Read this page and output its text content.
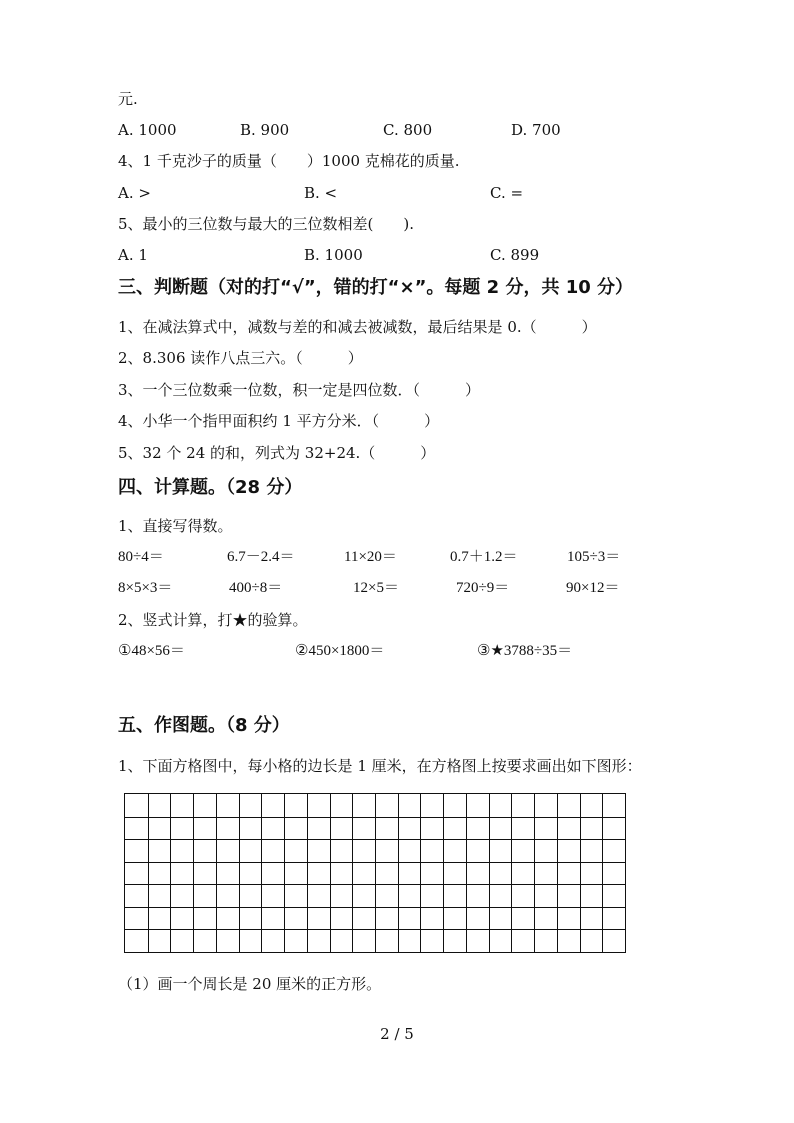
元.
A. 1000	B. 900	C. 800	D. 700
4、1 千克沙子的质量（　　）1000 克棉花的质量.
A. >	B. <	C. =
5、最小的三位数与最大的三位数相差(　　).
A. 1	B. 1000	C. 899
三、判断题（对的打“√”，错的打“×”。每题 2 分，共 10 分）
1、在减法算式中，减数与差的和减去被减数，最后结果是 0.（　　　）
2、8.306 读作八点三六。（　　　）
3、一个三位数乘一位数，积一定是四位数．（　　　）
4、小华一个指甲面积约 1 平方分米．（　　　）
5、32 个 24 的和，列式为 32+24.（　　　）
四、计算题。（28 分）
1、直接写得数。
80÷4＝	6.7－2.4＝	11×20＝	0.7＋1.2＝	105÷3＝
8×5×3＝	400÷8＝	12×5＝	720÷9＝	90×12＝
2、竖式计算，打★的验算。
①48×56＝	②450×1800＝	③★3788÷35＝
五、作图题。（8 分）
1、下面方格图中，每小格的边长是 1 厘米，在方格图上按要求画出如下图形：
（1）画一个周长是 20 厘米的正方形。
2 / 5
